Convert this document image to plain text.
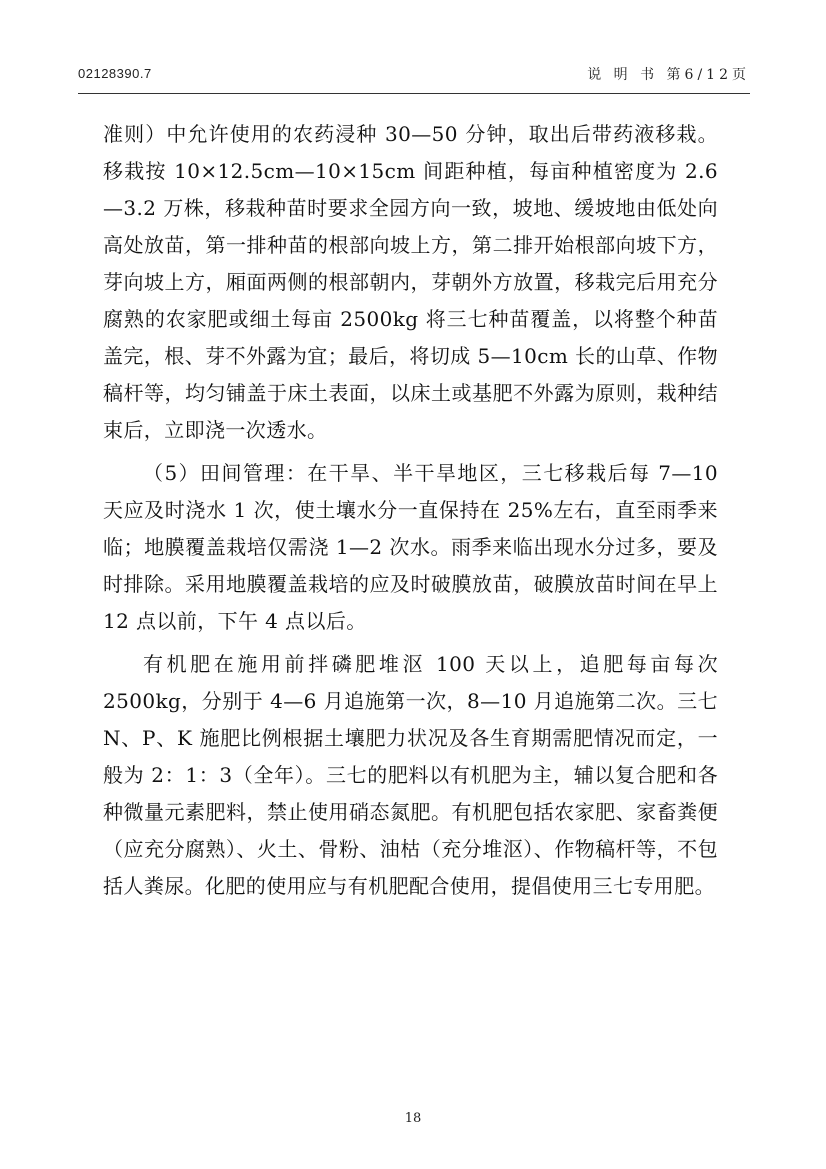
02128390.7	说 明 书 第6/12页

准则）中允许使用的农药浸种 30—50 分钟，取出后带药液移栽。移栽按 10×12.5cm—10×15cm 间距种植，每亩种植密度为 2.6—3.2 万株，移栽种苗时要求全园方向一致，坡地、缓坡地由低处向高处放苗，第一排种苗的根部向坡上方，第二排开始根部向坡下方，芽向坡上方，厢面两侧的根部朝内，芽朝外方放置，移栽完后用充分腐熟的农家肥或细土每亩 2500kg 将三七种苗覆盖，以将整个种苗盖完，根、芽不外露为宜；最后，将切成 5—10cm 长的山草、作物稿杆等，均匀铺盖于床土表面，以床土或基肥不外露为原则，栽种结束后，立即浇一次透水。

（5）田间管理：在干旱、半干旱地区，三七移栽后每 7—10 天应及时浇水 1 次，使土壤水分一直保持在 25%左右，直至雨季来临；地膜覆盖栽培仅需浇 1—2 次水。雨季来临出现水分过多，要及时排除。采用地膜覆盖栽培的应及时破膜放苗，破膜放苗时间在早上 12 点以前，下午 4 点以后。

有机肥在施用前拌磷肥堆沤 100 天以上，追肥每亩每次 2500kg，分别于 4—6 月追施第一次，8—10 月追施第二次。三七 N、P、K 施肥比例根据土壤肥力状况及各生育期需肥情况而定，一般为 2：1：3（全年）。三七的肥料以有机肥为主，辅以复合肥和各种微量元素肥料，禁止使用硝态氮肥。有机肥包括农家肥、家畜粪便（应充分腐熟）、火土、骨粉、油枯（充分堆沤）、作物稿杆等，不包括人粪尿。化肥的使用应与有机肥配合使用，提倡使用三七专用肥。

18
